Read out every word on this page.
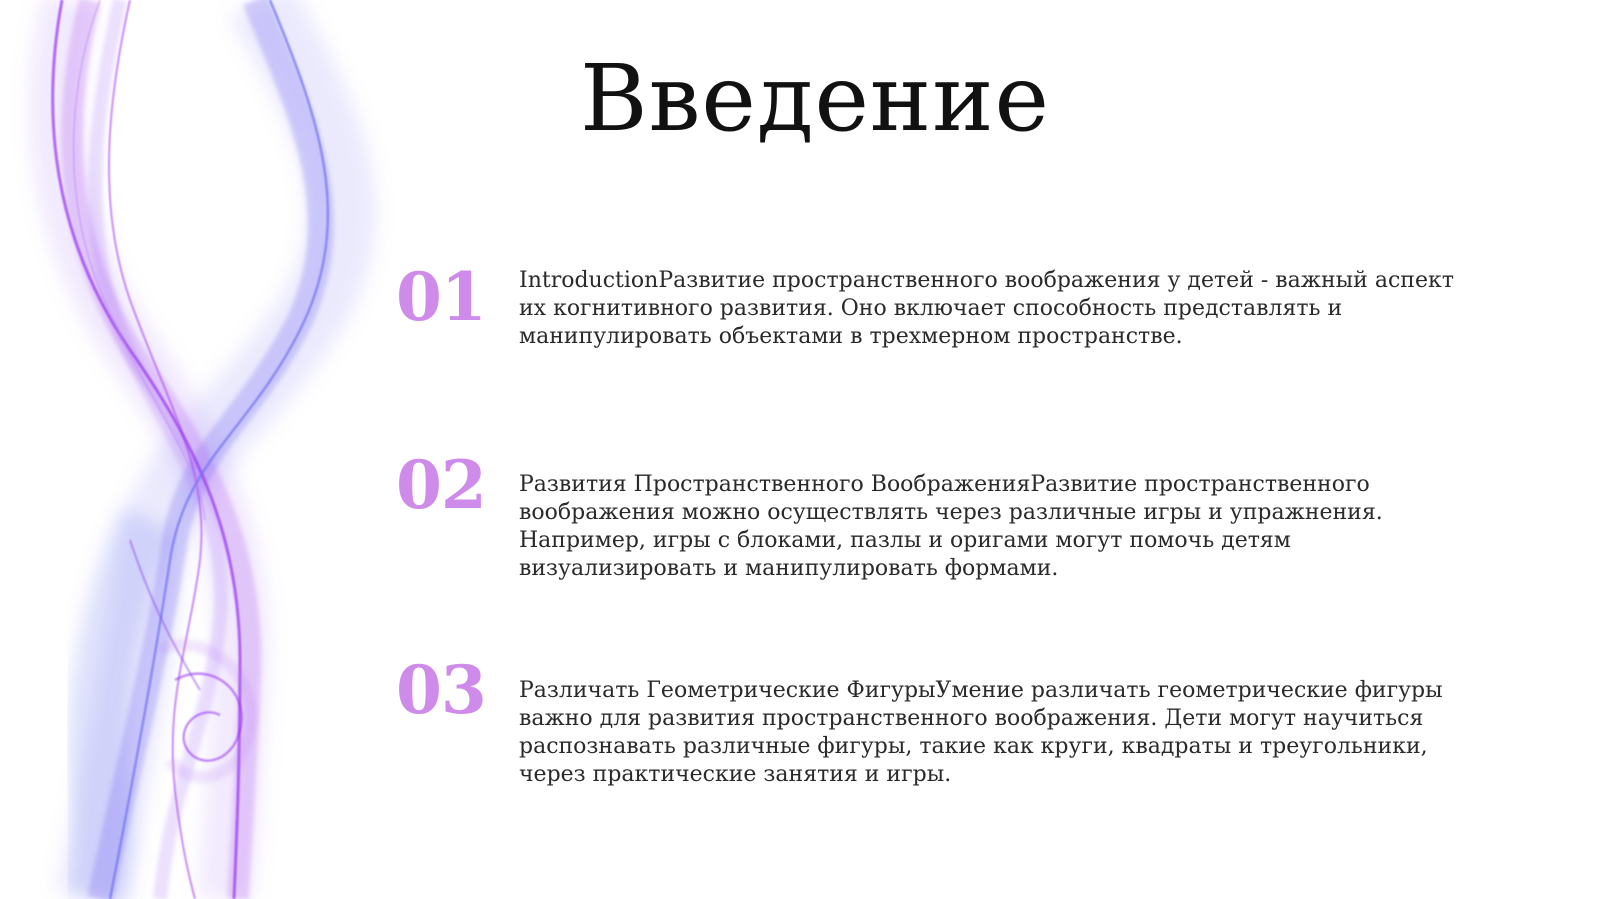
Введение
01 IntroductionРазвитие пространственного воображения у детей - важный аспект их когнитивного развития. Оно включает способность представлять и манипулировать объектами в трехмерном пространстве.

02 Развития Пространственного ВоображенияРазвитие пространственного воображения можно осуществлять через различные игры и упражнения. Например, игры с блоками, пазлы и оригами могут помочь детям визуализировать и манипулировать формами.

03 Различать Геометрические ФигурыУмение различать геометрические фигуры важно для развития пространственного воображения. Дети могут научиться распознавать различные фигуры, такие как круги, квадраты и треугольники, через практические занятия и игры.
